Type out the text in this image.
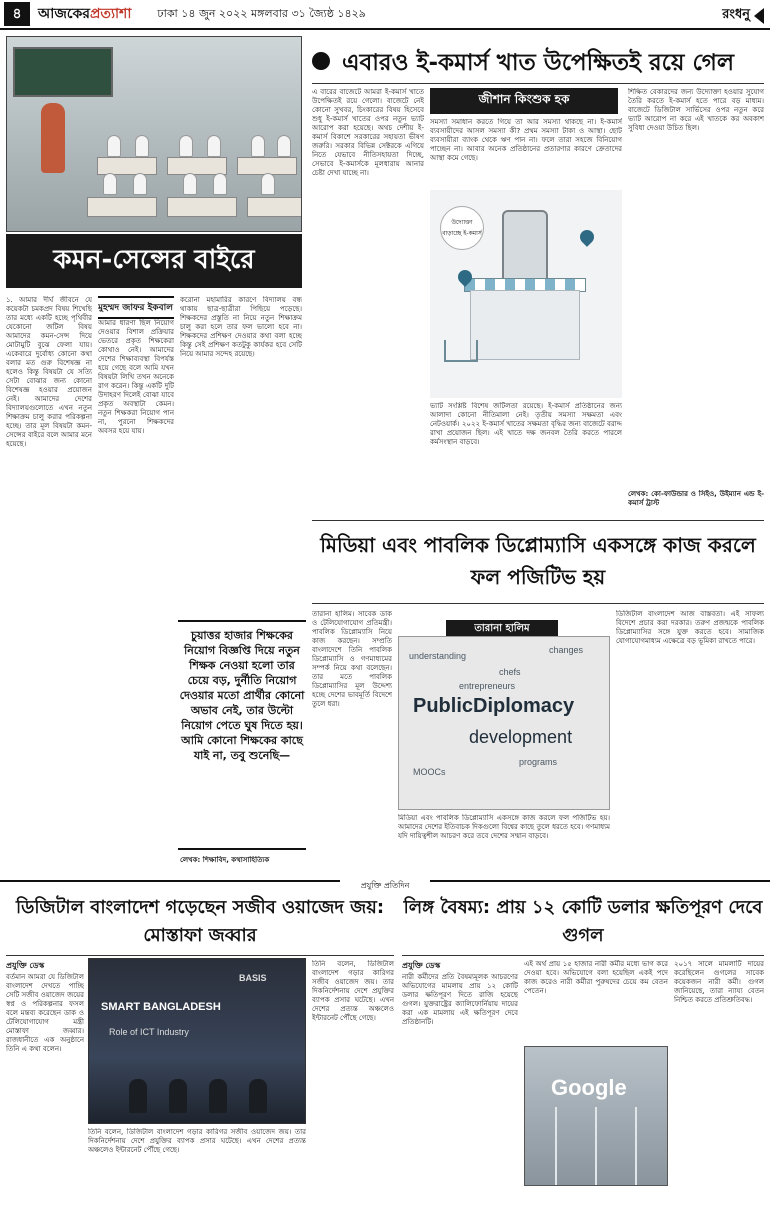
৪	আজকেরপ্রত্যাশা ঢাকা ১৪ জুন ২০২২ মঙ্গলবার ৩১ জ্যৈষ্ঠ ১৪২৯	রংধনু
কমন-সেন্সের বাইরে

১. আমার দীর্ঘ জীবনে যে কয়েকটা চমকপ্রদ বিষয় শিখেছি তার মধ্যে একটি হচ্ছে পৃথিবীর যেকোনো জটিল বিষয় আমাদের কমন-সেন্স দিয়ে মোটামুটি বুঝে ফেলা যায়। একেবারে দুর্বোধ্য কোনো কথা বলার মত গুরু বিশেষজ্ঞ না হলেও কিন্তু বিষয়টা যে সত্যি সেটা বোঝার জন্য কোনো বিশেষজ্ঞ হওয়ার প্রয়োজন নেই। আমাদের দেশের বিদ্যালয়গুলোতে এখন নতুন শিক্ষাক্রম চালু করার পরিকল্পনা হচ্ছে। তার মূল বিষয়টা কমন-সেন্সের বাইরে বলে আমার মনে হয়েছে।

মুহম্মদ জাফর ইকবাল

আমার ধারণা ছিল নিয়োগ দেওয়ার বিশাল প্রক্রিয়ার ভেতরে প্রকৃত শিক্ষকেরা কোথাও নেই। আমাদের দেশের শিক্ষাব্যবস্থা বিপর্যস্ত হয়ে গেছে বলে আমি যখন বিষয়টা লিখি তখন অনেকে রাগ করেন। কিন্তু একটি দুটি উদাহরণ দিলেই বোঝা যাবে প্রকৃত অবস্থাটা কেমন। নতুন শিক্ষকরা নিয়োগ পান না, পুরনো শিক্ষকদের অবসর হয়ে যায়।

করোনা মহামারির কারণে বিদ্যালয় বন্ধ থাকায় ছাত্র-ছাত্রীরা পিছিয়ে পড়েছে। শিক্ষকদের প্রস্তুতি না নিয়ে নতুন শিক্ষাক্রম চালু করা হলে তার ফল ভালো হবে না। শিক্ষকদের প্রশিক্ষণ দেওয়ার কথা বলা হচ্ছে কিন্তু সেই প্রশিক্ষণ কতটুকু কার্যকর হবে সেটি নিয়ে আমার সন্দেহ রয়েছে।

চুয়াত্তর হাজার শিক্ষকের নিয়োগ বিজ্ঞপ্তি দিয়ে নতুন শিক্ষক নেওয়া হলো তার চেয়ে বড়, দুর্নীতি নিয়োগ দেওয়ার মতো প্রার্থীর কোনো অভাব নেই, তার উল্টো নিয়োগ পেতে ঘুষ দিতে হয়। আমি কোনো শিক্ষকের কাছে যাই না, তবু শুনেছি—
লেখক: শিক্ষাবিদ, কথাসাহিত্যিক
এবারও ই-কমার্স খাত উপেক্ষিতই রয়ে গেল
জীশান কিংশুক হক

এ বারের বাজেটে আমরা ই-কমার্স খাতে উপেক্ষিতই রয়ে গেলো। বাজেটে নেই কোনো সুখবর, চিংকারের বিষয় হিসেবে শুধু ই-কমার্স খাতের ওপর নতুন ভ্যাট আরোপ করা হয়েছে। অথচ দেশীয় ই-কমার্স বিকাশে সরকারের সহায়তা ভীষণ জরুরি। সরকার বিভিন্ন সেক্টরকে এগিয়ে নিতে যেভাবে নীতিসহায়তা দিচ্ছে, সেভাবে ই-কমার্সকে মূলধারায় আনার চেষ্টা দেখা যাচ্ছে না।

সমস্যা সমাধান করতে গিয়ে তা আর সমস্যা থাকছে না। ই-কমার্স ব্যবসায়ীদের আসল সমস্যা কী? প্রথম সমস্যা টাকা ও আস্থা। ছোট ব্যবসায়ীরা ব্যাংক থেকে ঋণ পান না। ফলে তারা সহজে বিনিয়োগ পাচ্ছেন না। আবার অনেক প্রতিষ্ঠানের প্রতারণার কারণে ক্রেতাদের আস্থা কমে গেছে।

উদ্যোক্তা বাড়াচ্ছে ই-কমার্স

ভ্যাট সংশ্লিষ্ট বিশেষ জটিলতা রয়েছে। ই-কমার্স প্রতিষ্ঠানের জন্য আলাদা কোনো নীতিমালা নেই। তৃতীয় সমস্যা সক্ষমতা এবং নেটওয়ার্ক। ২০২২ ই-কমার্স খাতের সক্ষমতা বৃদ্ধির জন্য বাজেটে বরাদ্দ রাখা প্রয়োজন ছিল। এই খাতে দক্ষ জনবল তৈরি করতে পারলে কর্মসংস্থান বাড়বে।

শিক্ষিত বেকারদের জন্য উদ্যোক্তা হওয়ার সুযোগ তৈরি করতে ই-কমার্স হতে পারে বড় মাধ্যম। বাজেটে ডিজিটাল সার্ভিসের ওপর নতুন করে ভ্যাট আরোপ না করে এই খাতকে কর অবকাশ সুবিধা দেওয়া উচিত ছিল।

লেখক: কো-ফাউন্ডার ও সিইও, উইম্যান এন্ড ই-কমার্স ট্রাস্ট
মিডিয়া এবং পাবলিক ডিপ্লোম্যাসি একসঙ্গে কাজ করলে ফল পজিটিভ হয়

তারানা হালিম। সাবেক ডাক ও টেলিযোগাযোগ প্রতিমন্ত্রী। পাবলিক ডিপ্লোম্যাসি নিয়ে কাজ করছেন। সম্প্রতি বাংলাদেশে তিনি পাবলিক ডিপ্লোম্যাসি ও গণমাধ্যমের সম্পর্ক নিয়ে কথা বলেছেন। তার মতে পাবলিক ডিপ্লোম্যাসির মূল উদ্দেশ্য হচ্ছে দেশের ভাবমূর্তি বিদেশে তুলে ধরা।

তারানা হালিম
understanding
chefs
entrepreneurs
PublicDiplomacy
development
changes
programs
MOOCs

মিডিয়া এবং পাবলিক ডিপ্লোম্যাসি একসঙ্গে কাজ করলে ফল পজিটিভ হয়। আমাদের দেশের ইতিবাচক দিকগুলো বিশ্বের কাছে তুলে ধরতে হবে। গণমাধ্যম যদি দায়িত্বশীল আচরণ করে তবে দেশের সম্মান বাড়বে।

ডিজিটাল বাংলাদেশ আজ বাস্তবতা। এই সাফল্য বিদেশে প্রচার করা দরকার। তরুণ প্রজন্মকে পাবলিক ডিপ্লোম্যাসির সঙ্গে যুক্ত করতে হবে। সামাজিক যোগাযোগমাধ্যম এক্ষেত্রে বড় ভূমিকা রাখতে পারে।

প্রযুক্তি প্রতিদিন
ডিজিটাল বাংলাদেশ গড়েছেন সজীব ওয়াজেদ জয়: মোস্তাফা জব্বার
প্রযুক্তি ডেস্ক

বর্তমান আমরা যে ডিজিটাল বাংলাদেশ দেখতে পাচ্ছি সেটি সজীব ওয়াজেদ জয়ের স্বপ্ন ও পরিকল্পনার ফসল বলে মন্তব্য করেছেন ডাক ও টেলিযোগাযোগ মন্ত্রী মোস্তাফা জব্বার। রাজধানীতে এক অনুষ্ঠানে তিনি এ কথা বলেন।

BASIS
SMART BANGLADESH
Role of ICT Industry

তিনি বলেন, ডিজিটাল বাংলাদেশ গড়ার কারিগর সজীব ওয়াজেদ জয়। তার দিকনির্দেশনায় দেশে প্রযুক্তির ব্যাপক প্রসার ঘটেছে। এখন দেশের প্রত্যন্ত অঞ্চলেও ইন্টারনেট পৌঁছে গেছে।

তিনি বলেন, ডিজিটাল বাংলাদেশ গড়ার কারিগর সজীব ওয়াজেদ জয়। তার দিকনির্দেশনায় দেশে প্রযুক্তির ব্যাপক প্রসার ঘটেছে। এখন দেশের প্রত্যন্ত অঞ্চলেও ইন্টারনেট পৌঁছে গেছে।

লিঙ্গ বৈষম্য: প্রায় ১২ কোটি ডলার ক্ষতিপূরণ দেবে গুগল
প্রযুক্তি ডেস্ক

নারী কর্মীদের প্রতি বৈষম্যমূলক আচরণের অভিযোগের মামলায় প্রায় ১২ কোটি ডলার ক্ষতিপূরণ দিতে রাজি হয়েছে গুগল। যুক্তরাষ্ট্রের ক্যালিফোর্নিয়ায় দায়ের করা এক মামলায় এই ক্ষতিপূরণ দেবে প্রতিষ্ঠানটি।

এই অর্থ প্রায় ১৫ হাজার নারী কর্মীর মধ্যে ভাগ করে দেওয়া হবে। অভিযোগে বলা হয়েছিল একই পদে কাজ করেও নারী কর্মীরা পুরুষদের চেয়ে কম বেতন পেতেন।

Google

২০১৭ সালে মামলাটি দায়ের করেছিলেন গুগলের সাবেক কয়েকজন নারী কর্মী। গুগল জানিয়েছে, তারা ন্যায্য বেতন নিশ্চিত করতে প্রতিশ্রুতিবদ্ধ।
